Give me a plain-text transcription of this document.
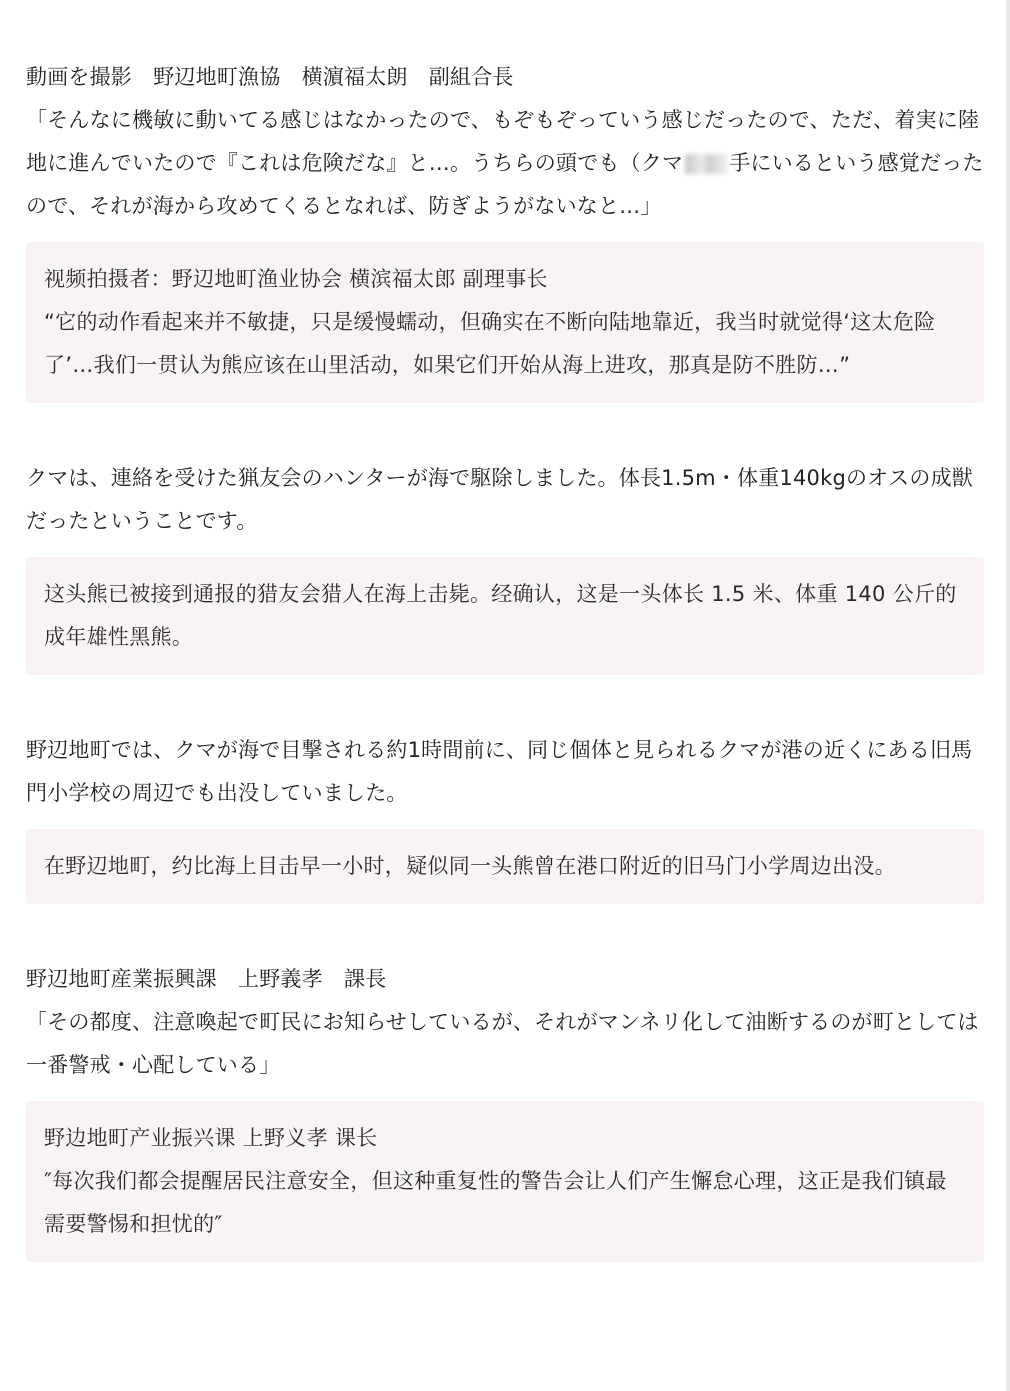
動画を撮影　野辺地町漁協　横濵福太朗　副組合長

「そんなに機敏に動いてる感じはなかったので、もぞもぞっていう感じだったので、ただ、着実に陸地に進んでいたので『これは危険だな』と…。うちらの頭でも（クマ 手にいるという感覚だったので、それが海から攻めてくるとなれば、防ぎようがないなと…」

视频拍摄者：野辺地町渔业协会 横滨福太郎 副理事长

“它的动作看起来并不敏捷，只是缓慢蠕动，但确实在不断向陆地靠近，我当时就觉得‘这太危险了’…我们一贯认为熊应该在山里活动，如果它们开始从海上进攻，那真是防不胜防…”

クマは、連絡を受けた猟友会のハンターが海で駆除しました。体長1.5m・体重140kgのオスの成獣だったということです。

这头熊已被接到通报的猎友会猎人在海上击毙。经确认，这是一头体长 1.5 米、体重 140 公斤的成年雄性黑熊。

野辺地町では、クマが海で目撃される約1時間前に、同じ個体と見られるクマが港の近くにある旧馬門小学校の周辺でも出没していました。

在野辺地町，约比海上目击早一小时，疑似同一头熊曾在港口附近的旧马门小学周边出没。

野辺地町産業振興課　上野義孝　課長

「その都度、注意喚起で町民にお知らせしているが、それがマンネリ化して油断するのが町としては一番警戒・心配している」

野边地町产业振兴课 上野义孝 课长

″每次我们都会提醒居民注意安全，但这种重复性的警告会让人们产生懈怠心理，这正是我们镇最需要警惕和担忧的″
